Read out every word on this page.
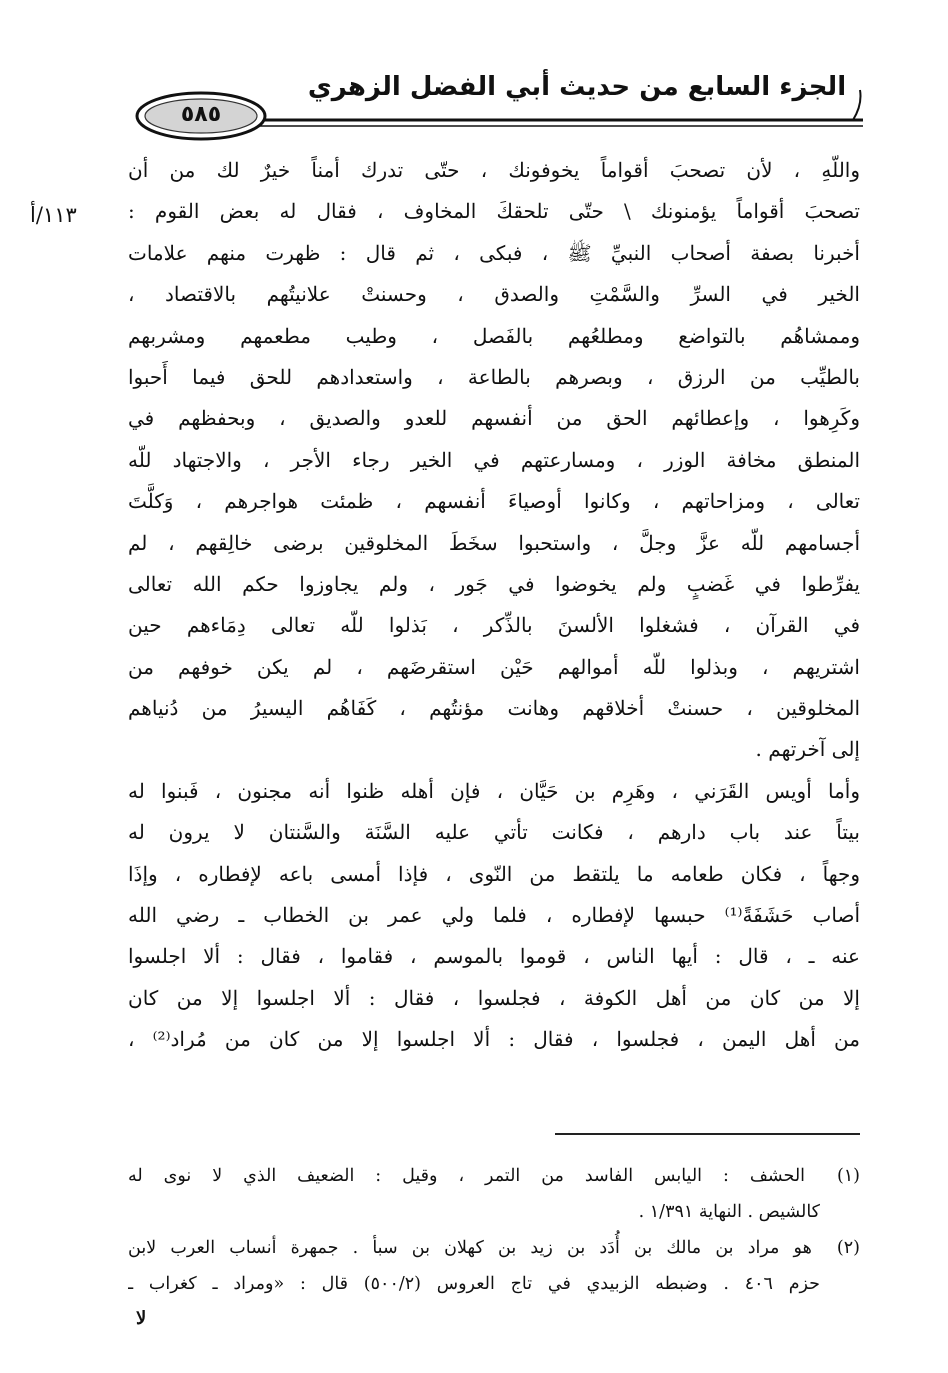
الجزء السابع من حديث أبي الفضل الزهري
٥٨٥
١١٣/أ
واللّهِ ، لأن تصحبَ أقواماً يخوفونك ، حتّى تدرك أمناً خيرٌ لك من أن
تصحبَ أقواماً يؤمنونك \ حتّى تلحقكَ المخاوف ، فقال له بعض القوم :
أخبرنا بصفة أصحاب النبيِّ ﷺ ، فبكى ، ثم قال : ظهرت منهم علامات
الخير في السرِّ والسَّمْتِ والصدق ، وحسنتْ علانيتُهم بالاقتصاد ،
وممشاهُم بالتواضع ومطلعُهم بالفَصل ، وطيب مطعمهم ومشربهم
بالطيِّب من الرزق ، وبصرهم بالطاعة ، واستعدادهم للحق فيما أَحبوا
وكَرِهوا ، وإعطائهم الحق من أنفسهم للعدو والصديق ، وبحفظهم في
المنطق مخافة الوزر ، ومسارعتهم في الخير رجاء الأجر ، والاجتهاد للّه
تعالى ، ومزاحاتهم ، وكانوا أوصياءَ أنفسهم ، ظمئت هواجرهم ، وَكلَّتَ
أجسامهم للّه عزَّ وجلَّ ، واستحبوا سخَطَ المخلوقين برضى خالِقهم ، لم
يفرِّطوا في غَضبٍ ولم يخوضوا في جَور ، ولم يجاوزوا حكم الله تعالى
في القرآن ، فشغلوا الألسنَ بالذِّكر ، بَذلوا للّه تعالى دِمَاءهم حين
اشتريهم ، وبذلوا للّه أموالهم حَيْن استقرضَهم ، لم يكن خوفهم من
المخلوقين ، حسنتْ أخلاقهم وهانت مؤنتُهم ، كَفَاهُم اليسيرُ من دُنياهم
إلى آخرتهم .
وأما أويس القَرَني ، وهَرِم بن حَيَّان ، فإن أهله ظنوا أنه مجنون ، فَبنوا له
بيتاً عند باب دارهم ، فكانت تأتي عليه السَّنَة والسَّنتان لا يرون له
وجهاً ، فكان طعامه ما يلتقط من النّوى ، فإذا أمسى باعه لإفطاره ، وإذَا
أصاب حَشَفَةً⁽¹⁾ حبسها لإفطاره ، فلما ولي عمر بن الخطاب ـ رضي الله
عنه ـ ، قال : أيها الناس ، قوموا بالموسم ، فقاموا ، فقال : ألا اجلسوا
إلا من كان من أهل الكوفة ، فجلسوا ، فقال : ألا اجلسوا إلا من كان
من أهل اليمن ، فجلسوا ، فقال : ألا اجلسوا إلا من كان من مُراد⁽²⁾ ،
(١) الحشف : اليابس الفاسد من التمر ، وقيل : الضعيف الذي لا نوى له
كالشيص . النهاية ١/٣٩١ .
(٢) هو مراد بن مالك بن أُدَد بن زيد بن كهلان بن سبأ . جمهرة أنساب العرب لابن
حزم ٤٠٦ . وضبطه الزبيدي في تاج العروس (٥٠٠/٢) قال : «ومراد ـ كغراب ـ
لا
